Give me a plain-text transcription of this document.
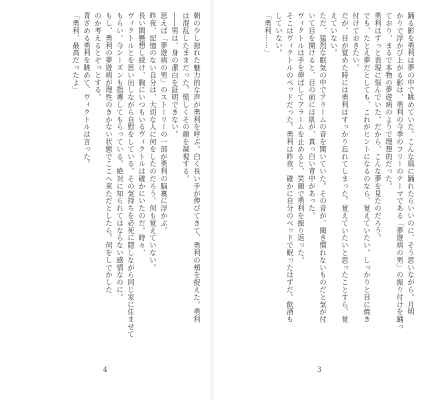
朝の少し掠れた魅力的な声が勇利を呼ぶ。白く長い手が伸びてきて、勇利の頬を捉えた。勇利
は混乱したままだった。慌しくその顔を凝視する。
――男は、身の潔白を証明できない。
思えば「夢遊病の男」のストーリーの一部が勇利の脳裏に浮かぶ。
昨夜、記憶のない自分は、大切な人に何をしたのだろう。何も覚えていない。
長い間懸想し続け、胸にいつもいるヴィクトルは確かにいたのだ。時々、
ヴィクトルとを思い出しながら自慰をしている。その気持ちを必死に隠しながら同じ家に住ませて
もらい、今シーズンも指導してもらっている。絶対に知られてはならない感情なのに。
もし、勇利の夢遊病が理性のきかない状態でここへ来ただとしたら。何をしでかした
のか考えるとぞっとする。
青ざめる勇利を眺めて、ヴィクトルは言った。
「勇利、最高だったよ」
4
踊る影を勇利は夢の中で眺めていた。こんな風に踊れたらいいのに、そう思いながら。月明
かりで浮かび上がる影は、勇利の今季のフリーのテーマである「夢遊病の男」の振り付けを踊っ
ており、まるで本物の夢遊病のようで理想的だった。
勇利はずっと表現に悩んでいた。だから、こんな夢を見たのだろう。
でも、たとえ夢だとしても、これがヒントになるのなら、覚えていたい。しっかりと目に焼き
付けておきたい。
だが、目が覚めた時には勇利はすっかり忘れてしまった。覚えていたいと思ったことすら、覚
えていない。
ただ、猛烈な眠気の中でアラームの音を聞いていた。その音が、聞き慣れないものだと気が付
いて目を開けると、目の前には肌が、真っ白い背中があった。
ヴィクトルは手を伸ばしてアラームを止めると、笑顔で勇利を振り返った。
そこはヴィクトルのベッドだった。勇利は昨夜、確かに自分のベッドで眠ったはずだ。飲酒も
していない。
「勇利……」
3
